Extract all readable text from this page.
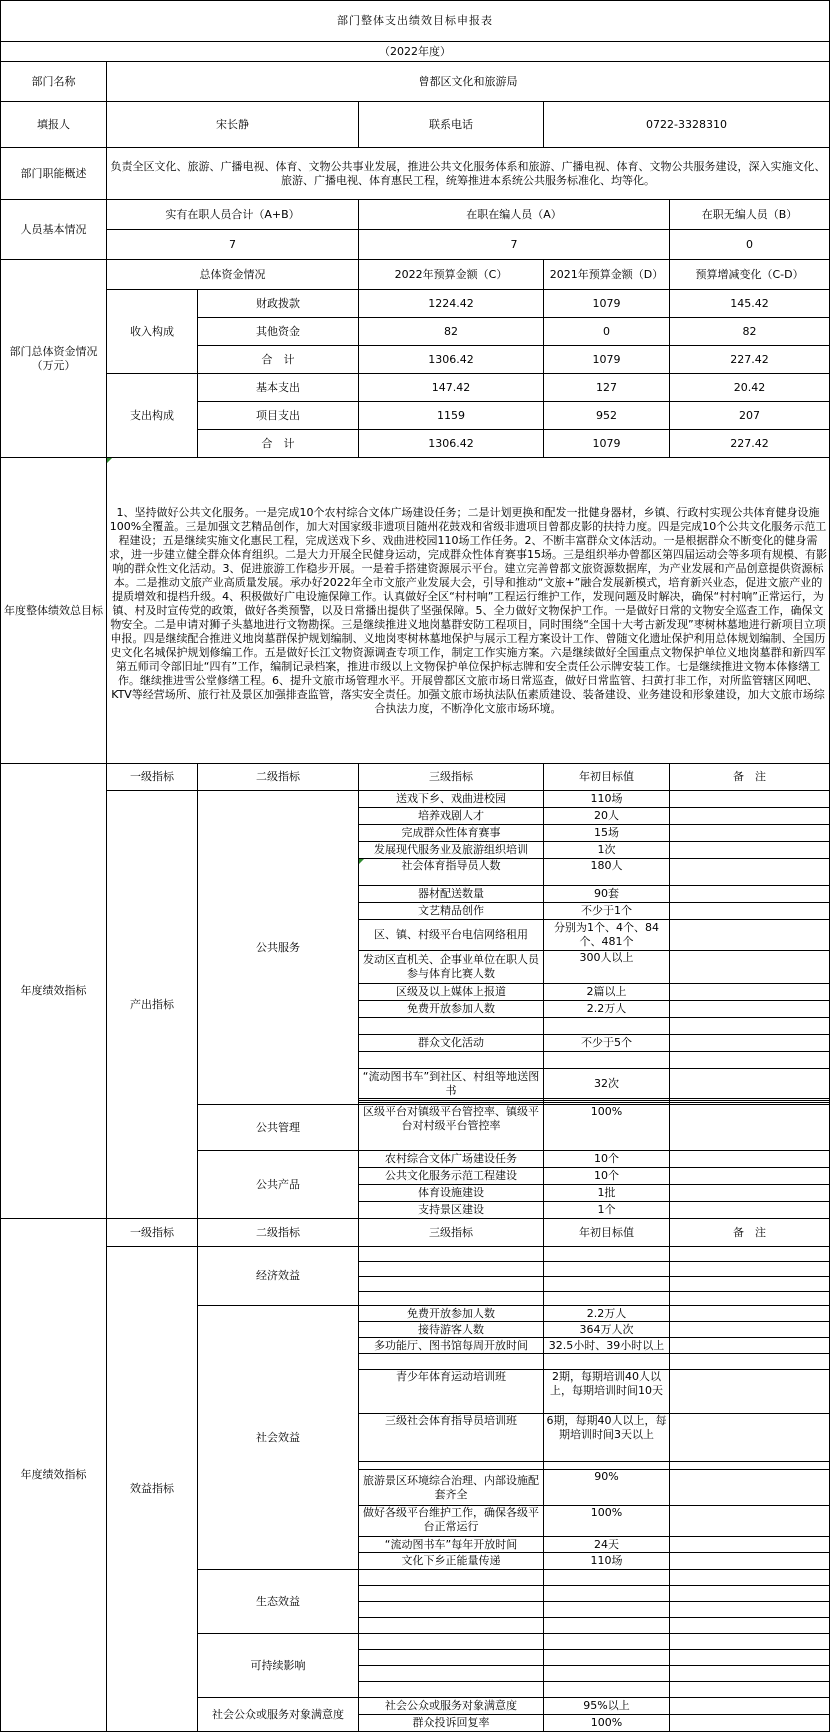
部门整体支出绩效目标申报表					
（2022年度）					
部门名称	曾都区文化和旅游局				
填报人	宋长静		联系电话	0722-3328310	
部门职能概述	负责全区文化、旅游、广播电视、体育、文物公共事业发展，推进公共文化服务体系和旅游、广播电视、体育、文物公共服务建设，深入实施文化、旅游、广播电视、体育惠民工程，统筹推进本系统公共服务标准化、均等化。				
人员基本情况	实有在职人员合计（A+B）		在职在编人员（A）		在职无编人员（B）
	7		7		0
部门总体资金情况（万元）	总体资金情况		2022年预算金额（C）	2021年预算金额（D）	预算增减变化（C-D）
	收入构成	财政拨款	1224.42	1079	145.42
		其他资金	82	0	82
		合　计	1306.42	1079	227.42
	支出构成	基本支出	147.42	127	20.42
		项目支出	1159	952	207
		合　计	1306.42	1079	227.42
年度整体绩效总目标	1、坚持做好公共文化服务。一是完成10个农村综合文体广场建设任务；二是计划更换和配发一批健身器材，乡镇、行政村实现公共体育健身设施100%全覆盖。三是加强文艺精品创作，加大对国家级非遗项目随州花鼓戏和省级非遗项目曾都皮影的扶持力度。四是完成10个公共文化服务示范工程建设；五是继续实施文化惠民工程，完成送戏下乡、戏曲进校园110场工作任务。2、不断丰富群众文体活动。一是根据群众不断变化的健身需求，进一步建立健全群众体育组织。二是大力开展全民健身运动，完成群众性体育赛事15场。三是组织举办曾都区第四届运动会等多项有规模、有影响的群众性文化活动。3、促进旅游工作稳步开展。一是着手搭建资源展示平台。建立完善曾都文旅资源数据库，为产业发展和产品创意提供资源标本。二是推动文旅产业高质量发展。承办好2022年全市文旅产业发展大会，引导和推动“文旅+”融合发展新模式，培育新兴业态，促进文旅产业的提质增效和提档升级。4、积极做好广电设施保障工作。认真做好全区“村村响”工程运行维护工作，发现问题及时解决，确保“村村响”正常运行，为镇、村及时宣传党的政策，做好各类预警，以及日常播出提供了坚强保障。5、全力做好文物保护工作。一是做好日常的文物安全巡查工作，确保文物安全。二是申请对狮子头墓地进行文物勘探。三是继续推进义地岗墓群安防工程项目，同时围绕“全国十大考古新发现”枣树林墓地进行新项目立项申报。四是继续配合推进义地岗墓群保护规划编制、义地岗枣树林墓地保护与展示工程方案设计工作、曾随文化遗址保护利用总体规划编制、全国历史文化名城保护规划修编工作。五是做好长江文物资源调查专项工作，制定工作实施方案。六是继续做好全国重点文物保护单位义地岗墓群和新四军第五师司令部旧址“四有”工作，编制记录档案，推进市级以上文物保护单位保护标志牌和安全责任公示牌安装工作。七是继续推进文物本体修缮工作。继续推进雪公堂修缮工程。6、提升文旅市场管理水平。开展曾都区文旅市场日常巡查，做好日常监管、扫黄打非工作，对所监管辖区网吧、KTV等经营场所、旅行社及景区加强排查监管，落实安全责任。加强文旅市场执法队伍素质建设、装备建设、业务建设和形象建设，加大文旅市场综合执法力度，不断净化文旅市场环境。				
年度绩效指标	一级指标	二级指标	三级指标	年初目标值	备　注
	产出指标	公共服务	送戏下乡、戏曲进校园	110场	
			培养戏剧人才	20人	
			完成群众性体育赛事	15场	
			发展现代服务业及旅游组织培训	1次	
			社会体育指导员人数	180人	
			器材配送数量	90套	
			文艺精品创作	不少于1个	
			区、镇、村级平台电信网络租用	分别为1个、4个、84个、481个	
			发动区直机关、企事业单位在职人员参与体育比赛人数	300人以上	
			区级及以上媒体上报道	2篇以上	
			免费开放参加人数	2.2万人	

			群众文化活动	不少于5个	

			“流动图书车”到社区、村组等地送图书	32次	

		公共管理	区级平台对镇级平台管控率、镇级平台对村级平台管控率	100%	
		公共产品	农村综合文体广场建设任务	10个	
			公共文化服务示范工程建设	10个	
			体育设施建设	1批	
			支持景区建设	1个	
年度绩效指标	一级指标	二级指标	三级指标	年初目标值	备　注
	效益指标	经济效益			

		社会效益	免费开放参加人数	2.2万人	
			接待游客人数	364万人次	
			多功能厅、图书馆每周开放时间	32.5小时、39小时以上	

			青少年体育运动培训班	2期，每期培训40人以上，每期培训时间10天	
			三级社会体育指导员培训班	6期，每期40人以上，每期培训时间3天以上	

			旅游景区环境综合治理、内部设施配套齐全	90%	
			做好各级平台维护工作，确保各级平台正常运行	100%	
			“流动图书车”每年开放时间	24天	
			文化下乡正能量传递	110场	
		生态效益			

		可持续影响			

		社会公众或服务对象满意度	社会公众或服务对象满意度	95%以上	
			群众投诉回复率	100%	
